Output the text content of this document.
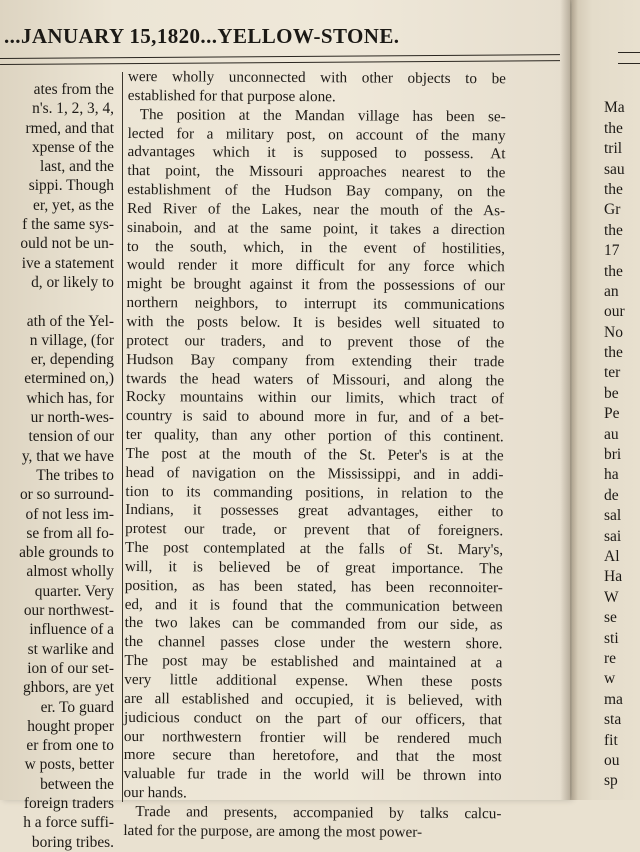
...JANUARY 15,1820...YELLOW-STONE.
ates from the
n's. 1, 2, 3, 4,
rmed, and that
xpense of the
last, and the
sippi. Though
er, yet, as the
f the same sys-
ould not be un-
ive a statement
d, or likely to
ath of the Yel-
n village, (for
er, depending
etermined on,)
which has, for
ur north-wes-
tension of our
y, that we have
The tribes to
or so surround-
of not less im-
se from all fo-
able grounds to
almost wholly
quarter. Very
our northwest-
influence of a
st warlike and
ion of our set-
ghbors, are yet
er. To guard
hought proper
er from one to
w posts, better
between the
foreign traders
h a force suffi-
boring tribes.
were wholly unconnected with other objects to be
established for that purpose alone.
The position at the Mandan village has been se-
lected for a military post, on account of the many
advantages which it is supposed to possess. At
that point, the Missouri approaches nearest to the
establishment of the Hudson Bay company, on the
Red River of the Lakes, near the mouth of the As-
sinaboin, and at the same point, it takes a direction
to the south, which, in the event of hostilities,
would render it more difficult for any force which
might be brought against it from the possessions of our
northern neighbors, to interrupt its communications
with the posts below. It is besides well situated to
protect our traders, and to prevent those of the
Hudson Bay company from extending their trade
twards the head waters of Missouri, and along the
Rocky mountains within our limits, which tract of
country is said to abound more in fur, and of a bet-
ter quality, than any other portion of this continent.
The post at the mouth of the St. Peter's is at the
head of navigation on the Mississippi, and in addi-
tion to its commanding positions, in relation to the
Indians, it possesses great advantages, either to
protest our trade, or prevent that of foreigners.
The post contemplated at the falls of St. Mary's,
will, it is believed be of great importance. The
position, as has been stated, has been reconnoiter-
ed, and it is found that the communication between
the two lakes can be commanded from our side, as
the channel passes close under the western shore.
The post may be established and maintained at a
very little additional expense. When these posts
are all established and occupied, it is believed, with
judicious conduct on the part of our officers, that
our northwestern frontier will be rendered much
more secure than heretofore, and that the most
valuable fur trade in the world will be thrown into
our hands.
Trade and presents, accompanied by talks calcu-
lated for the purpose, are among the most power-
Ma
the
tril
sau
the
Gr
the
17
the
an
our
No
the
ter
be
Pe
au
bri
ha
de
sal
sai
Al
Ha
W
se
sti
re
w
ma
sta
fit
ou
sp
